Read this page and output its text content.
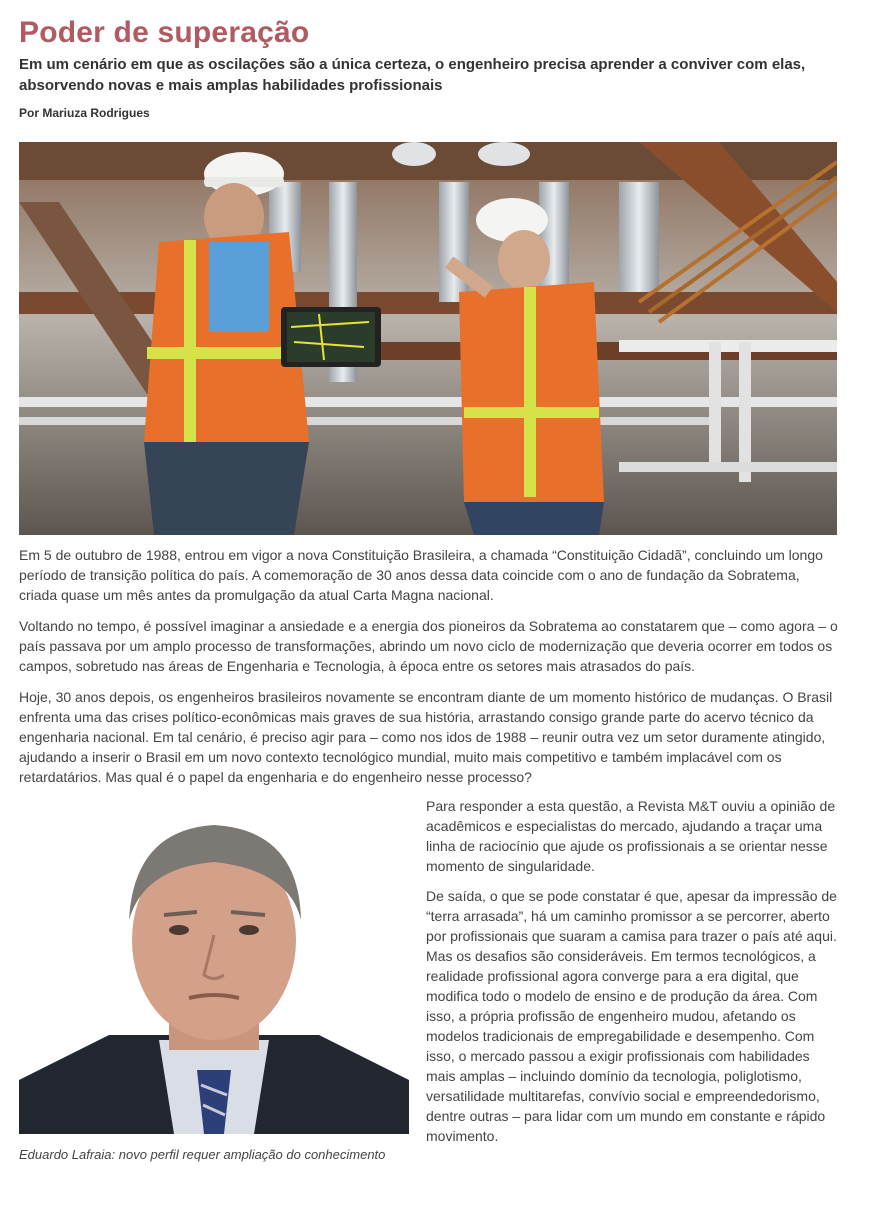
Poder de superação

Em um cenário em que as oscilações são a única certeza, o engenheiro precisa aprender a conviver com elas, absorvendo novas e mais amplas habilidades profissionais

Por Mariuza Rodrigues

Em 5 de outubro de 1988, entrou em vigor a nova Constituição Brasileira, a chamada “Constituição Cidadã”, concluindo um longo período de transição política do país. A comemoração de 30 anos dessa data coincide com o ano de fundação da Sobratema, criada quase um mês antes da promulgação da atual Carta Magna nacional.

Voltando no tempo, é possível imaginar a ansiedade e a energia dos pioneiros da Sobratema ao constatarem que – como agora – o país passava por um amplo processo de transformações, abrindo um novo ciclo de modernização que deveria ocorrer em todos os campos, sobretudo nas áreas de Engenharia e Tecnologia, à época entre os setores mais atrasados do país.

Hoje, 30 anos depois, os engenheiros brasileiros novamente se encontram diante de um momento histórico de mudanças. O Brasil enfrenta uma das crises político-econômicas mais graves de sua história, arrastando consigo grande parte do acervo técnico da engenharia nacional. Em tal cenário, é preciso agir para – como nos idos de 1988 – reunir outra vez um setor duramente atingido, ajudando a inserir o Brasil em um novo contexto tecnológico mundial, muito mais competitivo e também implacável com os retardatários. Mas qual é o papel da engenharia e do engenheiro nesse processo?

Eduardo Lafraia: novo perfil requer ampliação do conhecimento

Para responder a esta questão, a Revista M&T ouviu a opinião de acadêmicos e especialistas do mercado, ajudando a traçar uma linha de raciocínio que ajude os profissionais a se orientar nesse momento de singularidade.

De saída, o que se pode constatar é que, apesar da impressão de “terra arrasada”, há um caminho promissor a se percorrer, aberto por profissionais que suaram a camisa para trazer o país até aqui. Mas os desafios são consideráveis. Em termos tecnológicos, a realidade profissional agora converge para a era digital, que modifica todo o modelo de ensino e de produção da área. Com isso, a própria profissão de engenheiro mudou, afetando os modelos tradicionais de empregabilidade e desempenho. Com isso, o mercado passou a exigir profissionais com habilidades mais amplas – incluindo domínio da tecnologia, poliglotismo, versatilidade multitarefas, convívio social e empreendedorismo, dentre outras – para lidar com um mundo em constante e rápido movimento.
